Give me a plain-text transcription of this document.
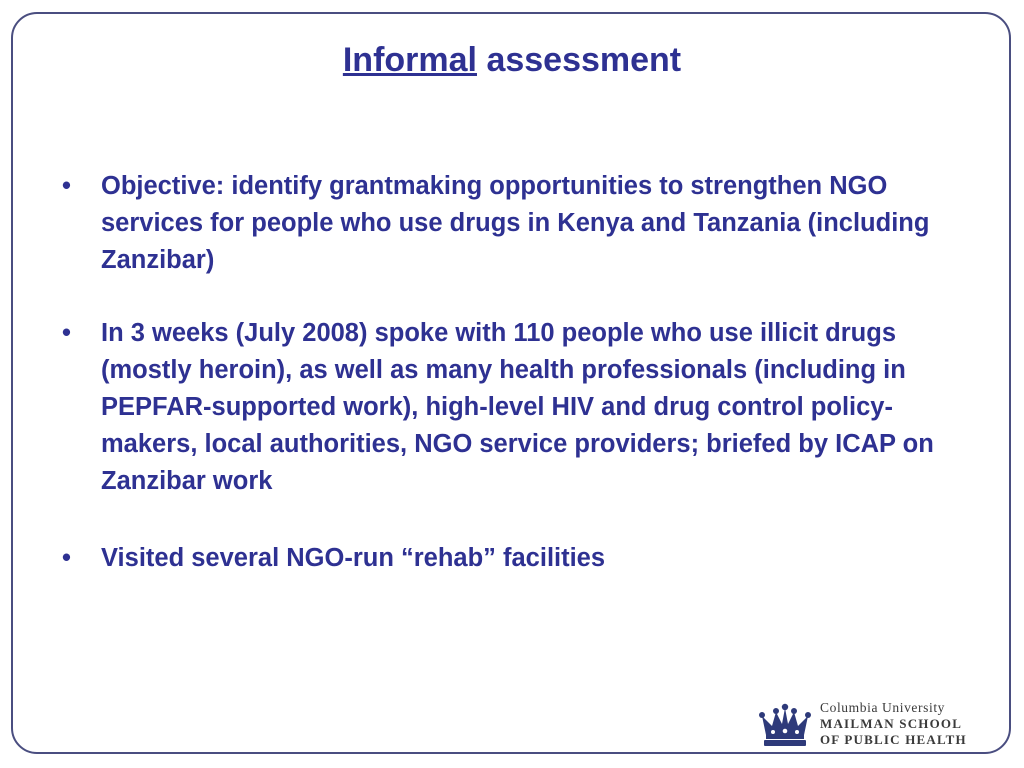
Informal assessment
• Objective: identify grantmaking opportunities to strengthen NGO services for people who use drugs in Kenya and Tanzania (including Zanzibar)
• In 3 weeks (July 2008) spoke with 110 people who use illicit drugs (mostly heroin), as well as many health professionals (including in PEPFAR-supported work), high-level HIV and drug control policy-makers, local authorities, NGO service providers; briefed by ICAP on Zanzibar work
• Visited several NGO-run “rehab” facilities
Columbia University
MAILMAN SCHOOL
OF PUBLIC HEALTH
